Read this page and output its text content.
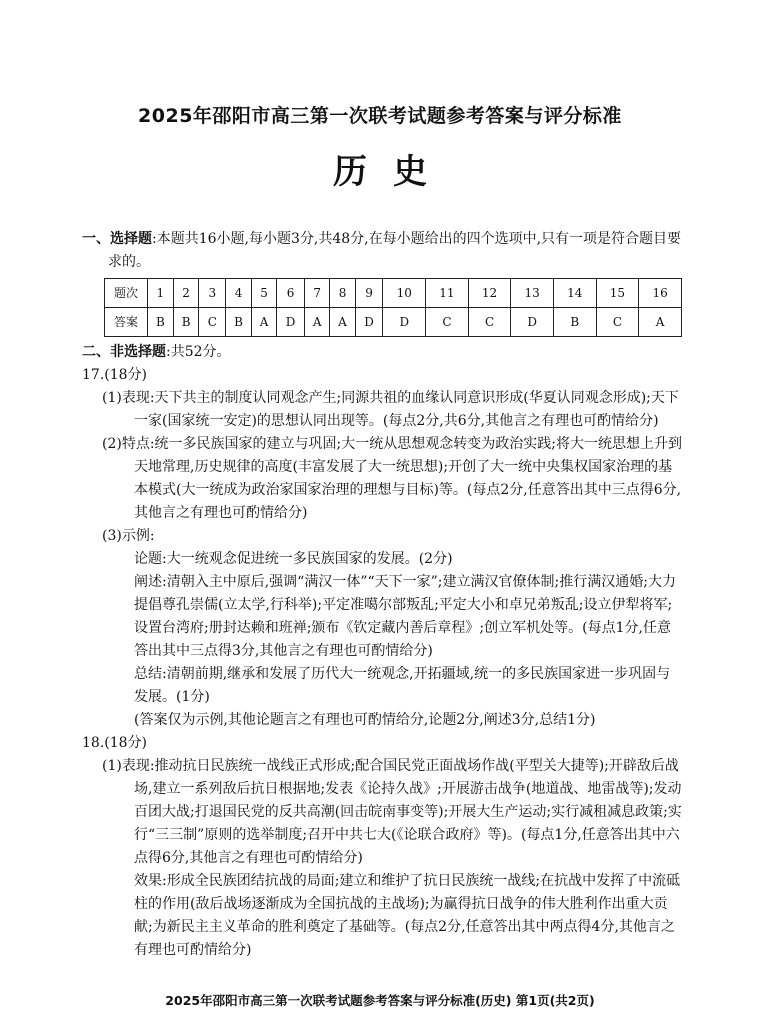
2025年邵阳市高三第一次联考试题参考答案与评分标准
历史

一、选择题:本题共16小题,每小题3分,共48分,在每小题给出的四个选项中,只有一项是符合题目要求的。

题次	1	2	3	4	5	6	7	8	9	10	11	12	13	14	15	16
答案	B	B	C	B	A	D	A	A	D	D	C	C	D	B	C	A

二、非选择题:共52分。

17.(18分)

(1)表现:天下共主的制度认同观念产生;同源共祖的血缘认同意识形成(华夏认同观念形成);天下一家(国家统一安定)的思想认同出现等。(每点2分,共6分,其他言之有理也可酌情给分)

(2)特点:统一多民族国家的建立与巩固;大一统从思想观念转变为政治实践;将大一统思想上升到天地常理,历史规律的高度(丰富发展了大一统思想);开创了大一统中央集权国家治理的基本模式(大一统成为政治家国家治理的理想与目标)等。(每点2分,任意答出其中三点得6分,其他言之有理也可酌情给分)

(3)示例:

论题:大一统观念促进统一多民族国家的发展。(2分)

阐述:清朝入主中原后,强调“满汉一体”“天下一家”;建立满汉官僚体制;推行满汉通婚;大力提倡尊孔崇儒(立太学,行科举);平定准噶尔部叛乱;平定大小和卓兄弟叛乱;设立伊犁将军;设置台湾府;册封达赖和班禅;颁布《钦定藏内善后章程》;创立军机处等。(每点1分,任意答出其中三点得3分,其他言之有理也可酌情给分)

总结:清朝前期,继承和发展了历代大一统观念,开拓疆域,统一的多民族国家进一步巩固与发展。(1分)

(答案仅为示例,其他论题言之有理也可酌情给分,论题2分,阐述3分,总结1分)

18.(18分)

(1)表现:推动抗日民族统一战线正式形成;配合国民党正面战场作战(平型关大捷等);开辟敌后战场,建立一系列敌后抗日根据地;发表《论持久战》;开展游击战争(地道战、地雷战等);发动百团大战;打退国民党的反共高潮(回击皖南事变等);开展大生产运动;实行减租减息政策;实行“三三制”原则的选举制度;召开中共七大(《论联合政府》等)。(每点1分,任意答出其中六点得6分,其他言之有理也可酌情给分)

效果:形成全民族团结抗战的局面;建立和维护了抗日民族统一战线;在抗战中发挥了中流砥柱的作用(敌后战场逐渐成为全国抗战的主战场);为赢得抗日战争的伟大胜利作出重大贡献;为新民主主义革命的胜利奠定了基础等。(每点2分,任意答出其中两点得4分,其他言之有理也可酌情给分)

2025年邵阳市高三第一次联考试题参考答案与评分标准(历史) 第1页(共2页)
